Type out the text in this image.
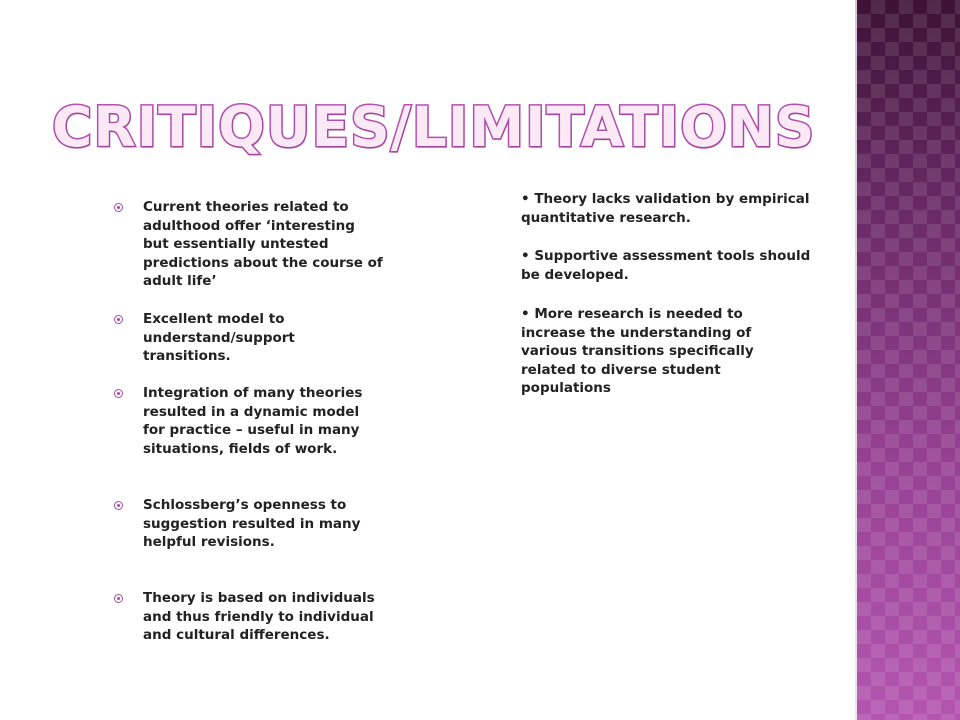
CRITIQUES/LIMITATIONS
Current theories related to adulthood offer ‘interesting but essentially untested predictions about the course of adult life’
Excellent model to understand/support transitions.
Integration of many theories resulted in a dynamic model for practice – useful in many situations, fields of work.
Schlossberg’s openness to suggestion resulted in many helpful revisions.
Theory is based on individuals and thus friendly to individual and cultural differences.
• Theory lacks validation by empirical quantitative research.
• Supportive assessment tools should be developed.
• More research is needed to increase the understanding of various transitions specifically related to diverse student populations
